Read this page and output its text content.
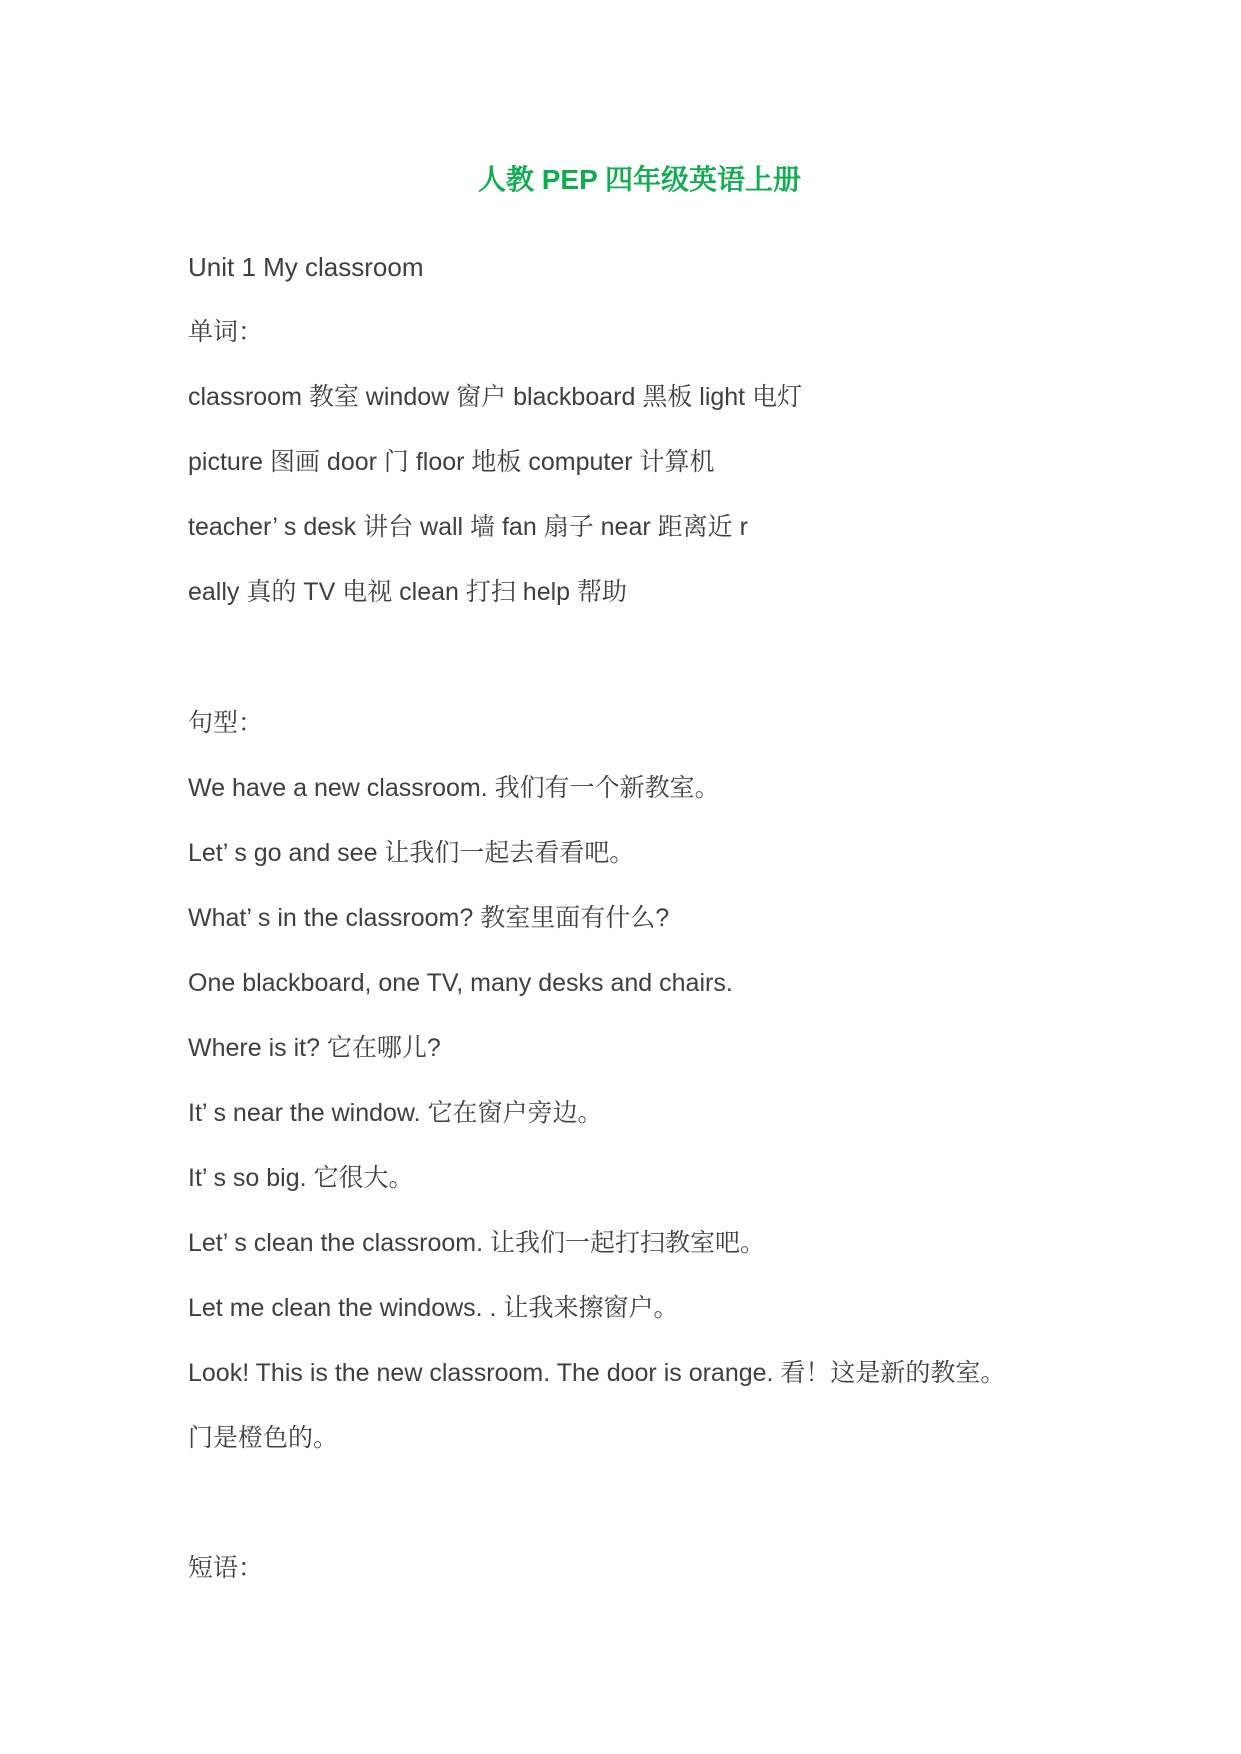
人教 PEP 四年级英语上册

Unit 1 My classroom

单词：

classroom 教室 window 窗户 blackboard 黑板 light 电灯

picture 图画 door 门 floor 地板 computer 计算机

teacher’ s desk 讲台 wall 墙 fan 扇子 near 距离近 r

eally 真的 TV 电视 clean 打扫 help 帮助

句型：

We have a new classroom. 我们有一个新教室。

Let’ s go and see 让我们一起去看看吧。

What’ s in the classroom? 教室里面有什么?

One blackboard, one TV, many desks and chairs.

Where is it? 它在哪儿?

It’ s near the window. 它在窗户旁边。

It’ s so big. 它很大。

Let’ s clean the classroom. 让我们一起打扫教室吧。

Let me clean the windows. . 让我来擦窗户。

Look! This is the new classroom. The door is orange. 看！这是新的教室。

门是橙色的。

短语：
